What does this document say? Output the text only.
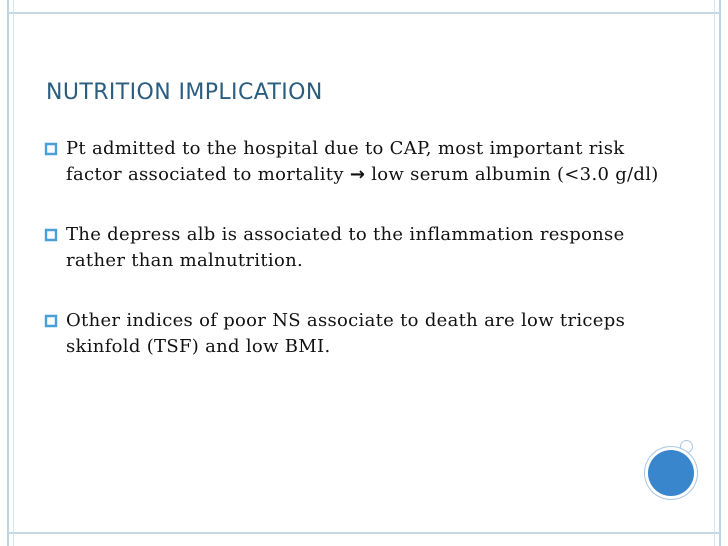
NUTRITION IMPLICATION
Pt admitted to the hospital due to CAP, most important risk factor associated to mortality → low serum albumin (<3.0 g/dl)
The depress alb is associated to the inflammation response rather than malnutrition.
Other indices of poor NS associate to death are low triceps skinfold (TSF) and low BMI.
